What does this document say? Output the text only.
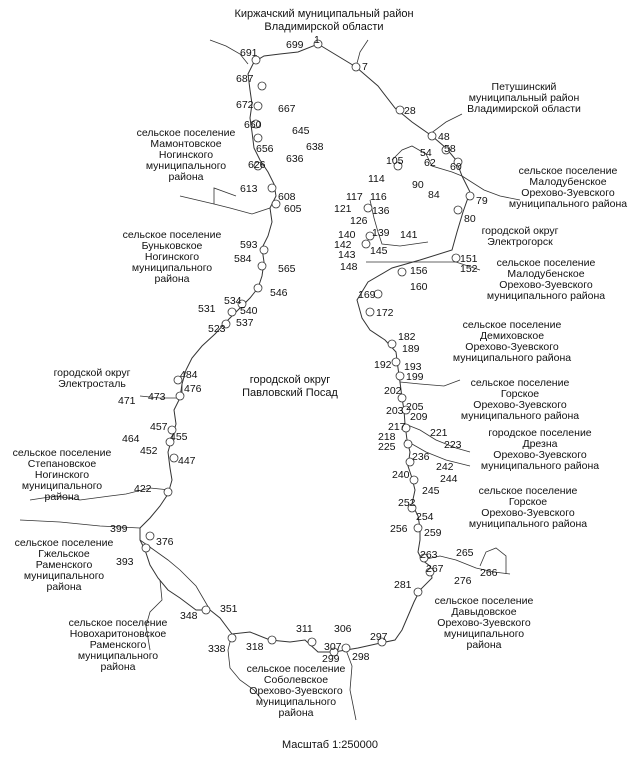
699 1
691
7
687
672 667
660	645
638
656
636
626
28
48
58
54
62 60
105
114	90
84	79
80
613
608
605
117 116
121 136
126
140 139 141
142 145
143
148
151
152
156
160
593
584
565
546	169
172
531
534
540
537
523
182
189
192 193
199
484
476
471 473	202
205
203 209
457
455
464
452
447
217 221
218
223
225
236
242
244
240
245
422
252
254
256 259
399
376
393
263 265
267	266
276
281
348
351
311 306
297
338 318	307
299 298
Киржачский муниципальный район
Владимирской области
Петушинский
муниципальный район
Владимирской области
сельское поселение
Мамонтовское
Ногинского
муниципального
района	сельское поселение
Малодубенское
Орехово-Зуевского
муниципального района
городской округ
Электрогорск
сельское поселение
Буньковское
Ногинского
муниципального
района
сельское поселение
Малодубенское
Орехово-Зуевского
муниципального района
сельское поселение
Демиховское
Орехово-Зуевского
муниципального района
городской округ Павловский Посад
городской округ
Электросталь	сельское поселение
Горское
Орехово-Зуевского
муниципального района
городское поселение
Дрезна
Орехово-Зуевского
муниципального района
сельское поселение
Степановское
Ногинского
муниципального
района	сельское поселение
Горское
Орехово-Зуевского
муниципального района
сельское поселение
Гжельское
Раменского
муниципального
района
сельское поселение
Давыдовское
Орехово-Зуевского
муниципального
района
сельское поселение
Новохаритоновское
Раменского
муниципального
района	сельское поселение
Соболевское
Орехово-Зуевского
муниципального
района
Масштаб 1:250000
